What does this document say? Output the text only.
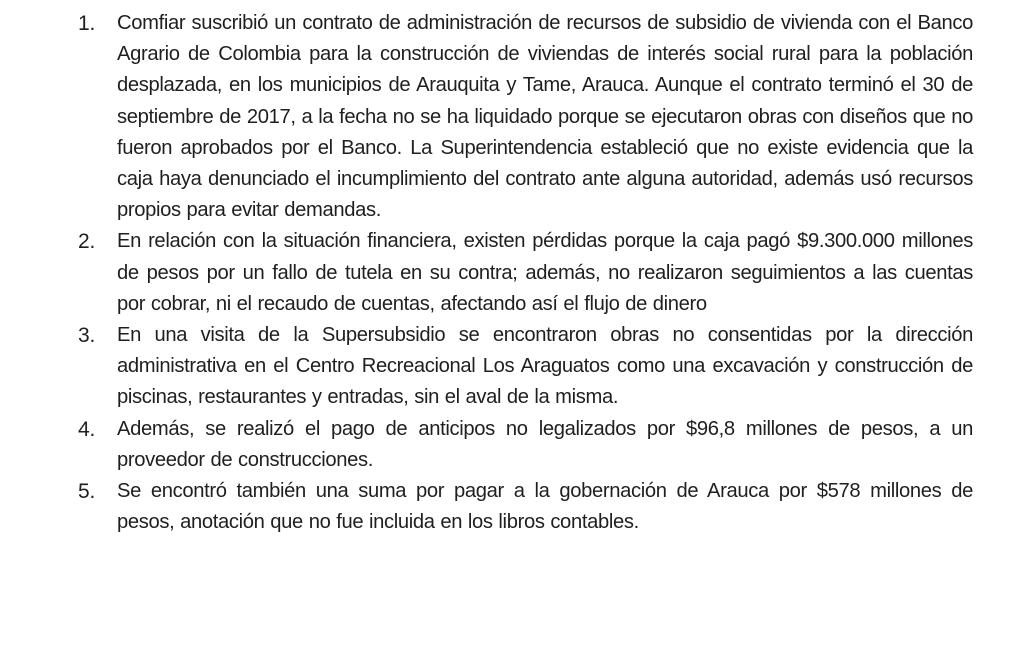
1. Comfiar suscribió un contrato de administración de recursos de subsidio de vivienda con el Banco Agrario de Colombia para la construcción de viviendas de interés social rural para la población desplazada, en los municipios de Arauquita y Tame, Arauca. Aunque el contrato terminó el 30 de septiembre de 2017, a la fecha no se ha liquidado porque se ejecutaron obras con diseños que no fueron aprobados por el Banco. La Superintendencia estableció que no existe evidencia que la caja haya denunciado el incumplimiento del contrato ante alguna autoridad, además usó recursos propios para evitar demandas.
2. En relación con la situación financiera, existen pérdidas porque la caja pagó $9.300.000 millones de pesos por un fallo de tutela en su contra; además, no realizaron seguimientos a las cuentas por cobrar, ni el recaudo de cuentas, afectando así el flujo de dinero
3. En una visita de la Supersubsidio se encontraron obras no consentidas por la dirección administrativa en el Centro Recreacional Los Araguatos como una excavación y construcción de piscinas, restaurantes y entradas, sin el aval de la misma.
4. Además, se realizó el pago de anticipos no legalizados por $96,8 millones de pesos, a un proveedor de construcciones.
5. Se encontró también una suma por pagar a la gobernación de Arauca por $578 millones de pesos, anotación que no fue incluida en los libros contables.
